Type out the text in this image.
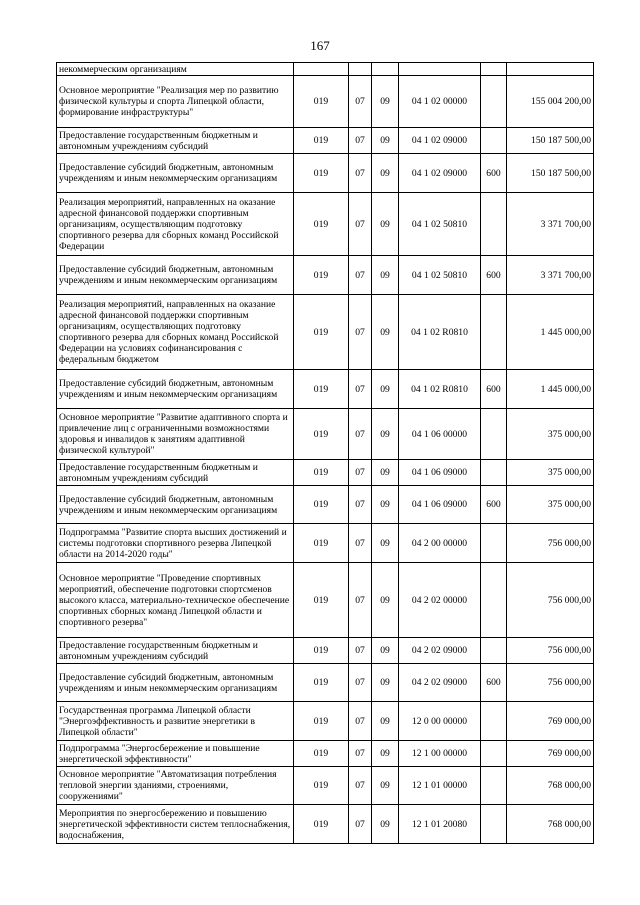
167
некоммерческим организациям						
Основное мероприятие "Реализация мер по развитию физической культуры и спорта Липецкой области, формирование инфраструктуры"	019	07	09	04 1 02 00000		155 004 200,00
Предоставление государственным бюджетным и автономным учреждениям субсидий	019	07	09	04 1 02 09000		150 187 500,00
Предоставление субсидий бюджетным, автономным учреждениям и иным некоммерческим организациям	019	07	09	04 1 02 09000	600	150 187 500,00
Реализация мероприятий, направленных на оказание адресной финансовой поддержки спортивным организациям, осуществляющим подготовку спортивного резерва для сборных команд Российской Федерации	019	07	09	04 1 02 50810		3 371 700,00
Предоставление субсидий бюджетным, автономным учреждениям и иным некоммерческим организациям	019	07	09	04 1 02 50810	600	3 371 700,00
Реализация мероприятий, направленных на оказание адресной финансовой поддержки спортивным организациям, осуществляющих подготовку спортивного резерва для сборных команд Российской Федерации на условиях софинансирования с федеральным бюджетом	019	07	09	04 1 02 R0810		1 445 000,00
Предоставление субсидий бюджетным, автономным учреждениям и иным некоммерческим организациям	019	07	09	04 1 02 R0810	600	1 445 000,00
Основное мероприятие "Развитие адаптивного спорта и привлечение лиц с ограниченными возможностями здоровья и инвалидов к занятиям адаптивной физической культурой"	019	07	09	04 1 06 00000		375 000,00
Предоставление государственным бюджетным и автономным учреждениям субсидий	019	07	09	04 1 06 09000		375 000,00
Предоставление субсидий бюджетным, автономным учреждениям и иным некоммерческим организациям	019	07	09	04 1 06 09000	600	375 000,00
Подпрограмма "Развитие спорта высших достижений и системы подготовки спортивного резерва Липецкой области на 2014-2020 годы"	019	07	09	04 2 00 00000		756 000,00
Основное мероприятие "Проведение спортивных мероприятий, обеспечение подготовки спортсменов высокого класса, материально-техническое обеспечение спортивных сборных команд Липецкой области и спортивного резерва"	019	07	09	04 2 02 00000		756 000,00
Предоставление государственным бюджетным и автономным учреждениям субсидий	019	07	09	04 2 02 09000		756 000,00
Предоставление субсидий бюджетным, автономным учреждениям и иным некоммерческим организациям	019	07	09	04 2 02 09000	600	756 000,00
Государственная программа Липецкой области "Энергоэффективность и развитие энергетики в Липецкой области"	019	07	09	12 0 00 00000		769 000,00
Подпрограмма "Энергосбережение и повышение энергетической эффективности"	019	07	09	12 1 00 00000		769 000,00
Основное мероприятие "Автоматизация потребления тепловой энергии зданиями, строениями, сооружениями"	019	07	09	12 1 01 00000		768 000,00
Мероприятия по энергосбережению и повышению энергетической эффективности систем теплоснабжения, водоснабжения,	019	07	09	12 1 01 20080		768 000,00
